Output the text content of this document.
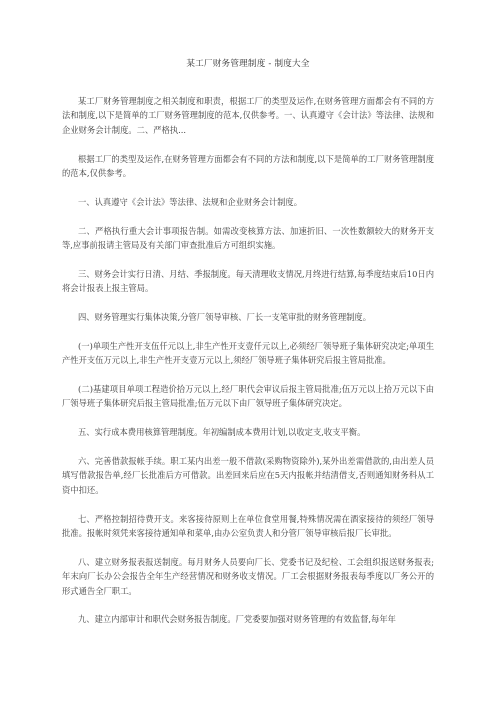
某工厂财务管理制度 - 制度大全

某工厂财务管理制度之相关制度和职责，根据工厂的类型及运作,在财务管理方面都会有不同的方法和制度,以下是简单的工厂财务管理制度的范本,仅供参考。一、认真遵守《会计法》等法律、法规和企业财务会计制度。二、严格执...

根据工厂的类型及运作,在财务管理方面都会有不同的方法和制度,以下是简单的工厂财务管理制度的范本,仅供参考。

一、认真遵守《会计法》等法律、法规和企业财务会计制度。

二、严格执行重大会计事项报告制。如需改变核算方法、加速折旧、一次性数额较大的财务开支等,应事前报请主管局及有关部门审查批准后方可组织实施。

三、财务会计实行日清、月结、季报制度。每天清理收支情况,月终进行结算,每季度结束后10日内将会计报表上报主管局。

四、财务管理实行集体决策,分管厂领导审核、厂长一支笔审批的财务管理制度。

(一)单项生产性开支伍仟元以上,非生产性开支壹仟元以上,必须经厂领导班子集体研究决定;单项生产性开支伍万元以上,非生产性开支壹万元以上,须经厂领导班子集体研究后报主管局批准。

(二)基建项目单项工程造价拾万元以上,经厂职代会审议后报主管局批准;伍万元以上拾万元以下由厂领导班子集体研究后报主管局批准;伍万元以下由厂领导班子集体研究决定。

五、实行成本费用核算管理制度。年初编制成本费用计划,以收定支,收支平衡。

六、完善借款报帐手续。职工某内出差一般不借款(采购物资除外),某外出差需借款的,由出差人员填写借款报告单,经厂长批准后方可借款。出差回来后应在5天内报帐并结清借支,否则通知财务科从工资中扣还。

七、严格控制招待费开支。来客接待原则上在单位食堂用餐,特殊情况需在酒家接待的须经厂领导批准。报帐时须凭来客接待通知单和菜单,由办公室负责人和分管厂领导审核后报厂长审批。

八、建立财务报表报送制度。每月财务人员要向厂长、党委书记及纪检、工会组织报送财务报表;年末向厂长办公会报告全年生产经营情况和财务收支情况。厂工会根据财务报表每季度以厂务公开的形式通告全厂职工。

九、建立内部审计和职代会财务报告制度。厂党委要加强对财务管理的有效监督,每年年
